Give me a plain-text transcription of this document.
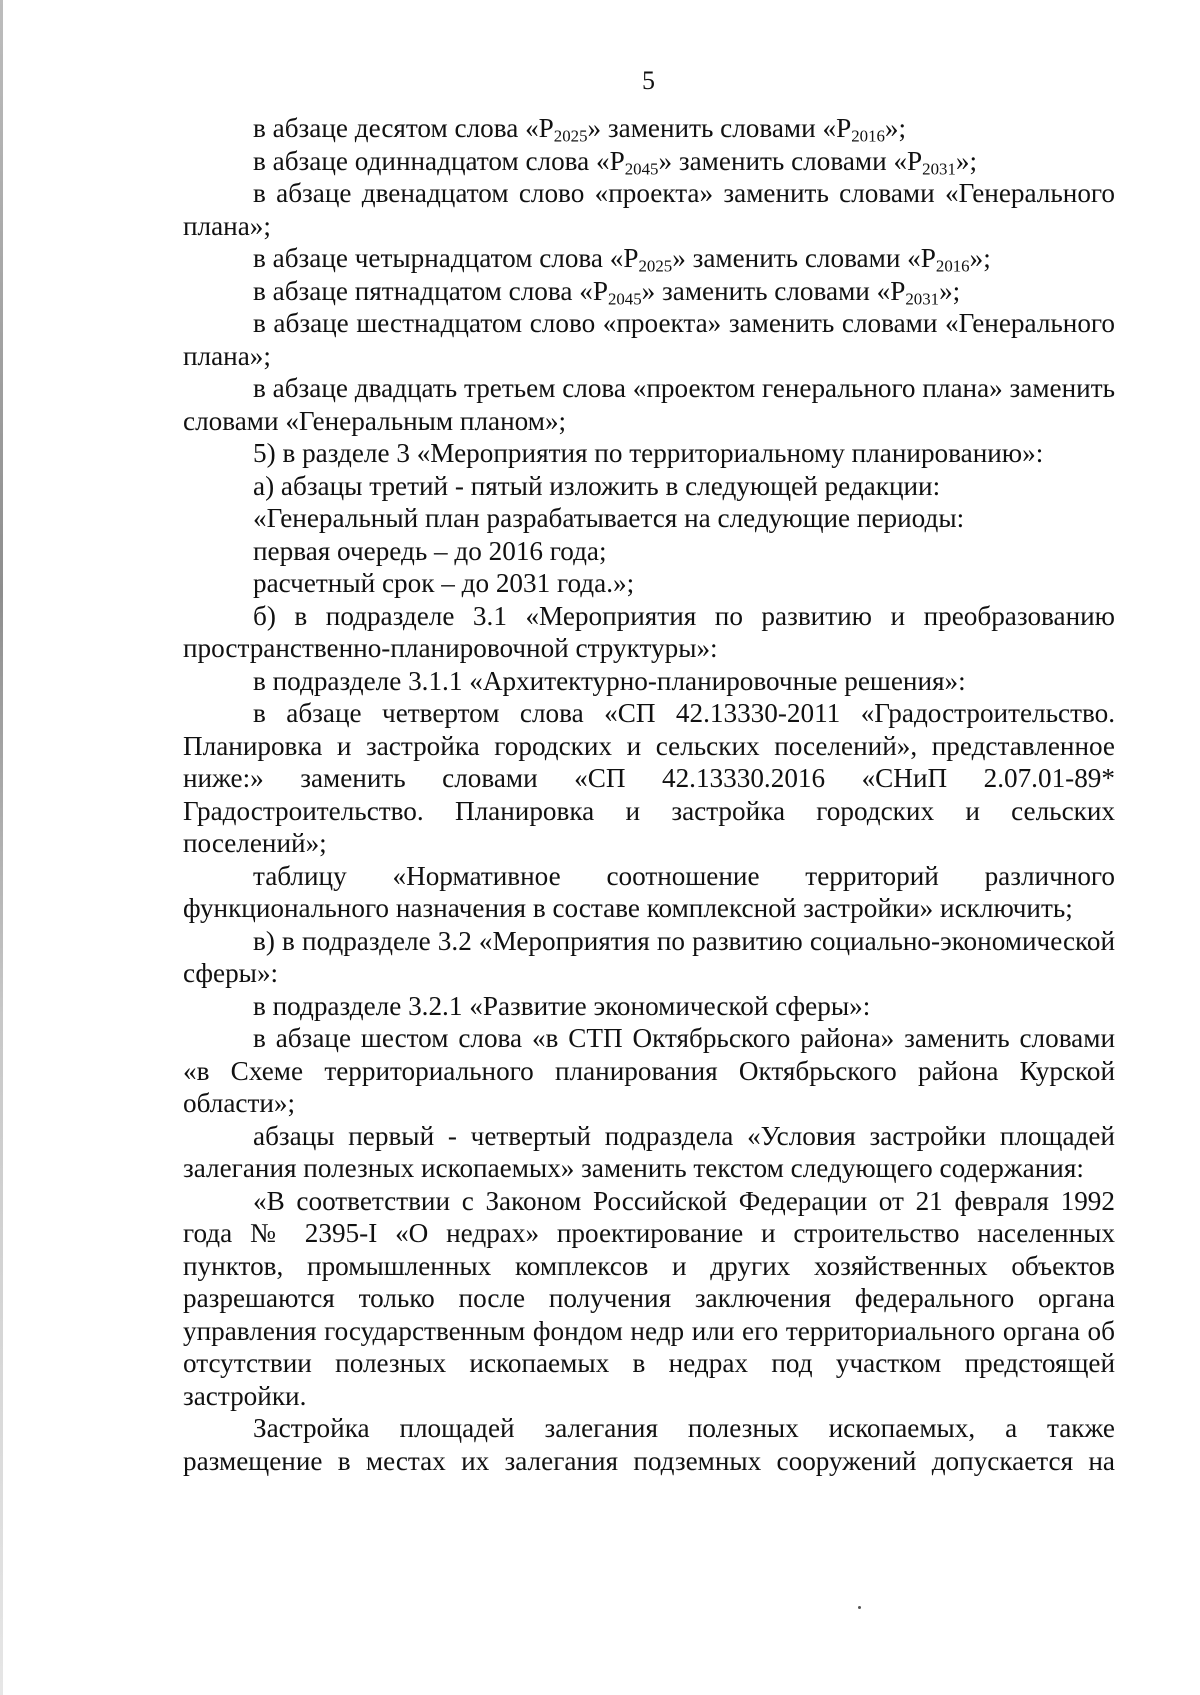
5

в абзаце десятом слова «$Р_{2025}$» заменить словами «$Р_{2016}$»;

в абзаце одиннадцатом слова «$Р_{2045}$» заменить словами «$Р_{2031}$»;

в абзаце двенадцатом слово «проекта» заменить словами «Генерального плана»;

в абзаце четырнадцатом слова «$Р_{2025}$» заменить словами «$Р_{2016}$»;

в абзаце пятнадцатом слова «$Р_{2045}$» заменить словами «$Р_{2031}$»;

в абзаце шестнадцатом слово «проекта» заменить словами «Генерального плана»;

в абзаце двадцать третьем слова «проектом генерального плана» заменить словами «Генеральным планом»;

5) в разделе 3 «Мероприятия по территориальному планированию»:

а) абзацы третий - пятый изложить в следующей редакции:

«Генеральный план разрабатывается на следующие периоды:

первая очередь – до 2016 года;

расчетный срок – до 2031 года.»;

б) в подразделе 3.1 «Мероприятия по развитию и преобразованию пространственно-планировочной структуры»:

в подразделе 3.1.1 «Архитектурно-планировочные решения»:

в абзаце четвертом слова «СП 42.13330-2011 «Градостроительство. Планировка и застройка городских и сельских поселений», представленное ниже:» заменить словами «СП 42.13330.2016 «СНиП 2.07.01-89* Градостроительство. Планировка и застройка городских и сельских поселений»;

таблицу «Нормативное соотношение территорий различного функционального назначения в составе комплексной застройки» исключить;

в) в подразделе 3.2 «Мероприятия по развитию социально-экономической сферы»:

в подразделе 3.2.1 «Развитие экономической сферы»:

в абзаце шестом слова «в СТП Октябрьского района» заменить словами «в Схеме территориального планирования Октябрьского района Курской области»;

абзацы первый - четвертый подраздела «Условия застройки площадей залегания полезных ископаемых» заменить текстом следующего содержания:

«В соответствии с Законом Российской Федерации от 21 февраля 1992 года № 2395-I «О недрах» проектирование и строительство населенных пунктов, промышленных комплексов и других хозяйственных объектов разрешаются только после получения заключения федерального органа управления государственным фондом недр или его территориального органа об отсутствии полезных ископаемых в недрах под участком предстоящей застройки.

Застройка площадей залегания полезных ископаемых, а также размещение в местах их залегания подземных сооружений допускается на
